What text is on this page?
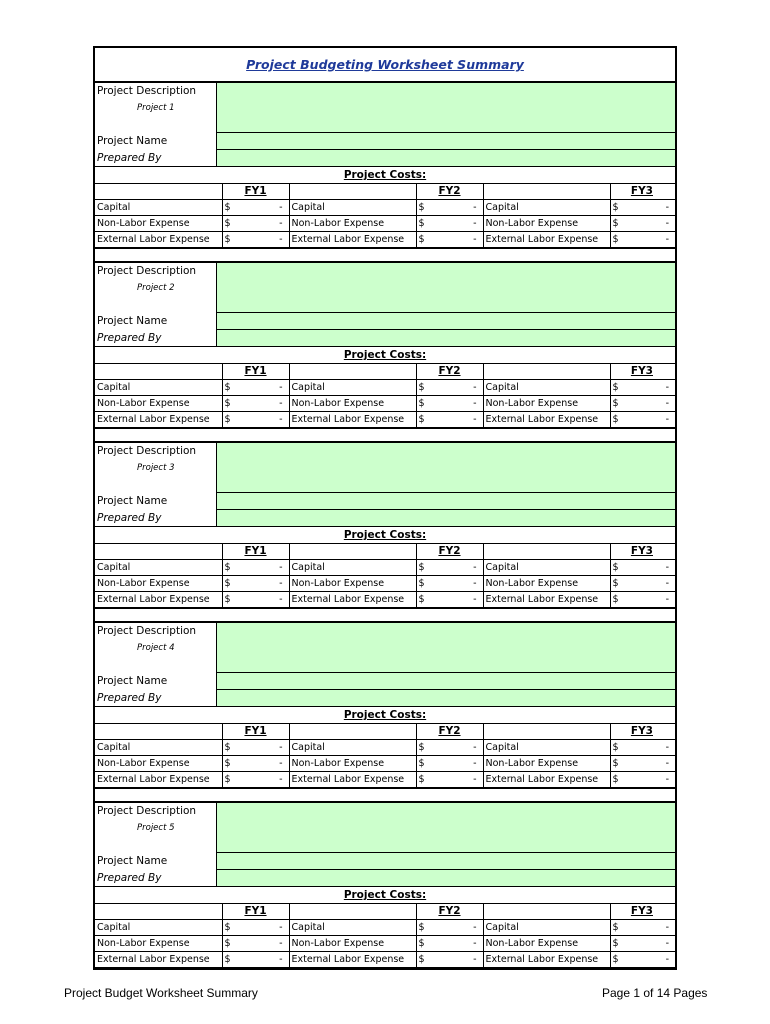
Project Budgeting Worksheet Summary
Project Description
Project 1
Project Name
Prepared By
Project Costs:
	FY1		FY2		FY3
Capital	$ -	Capital	$ -	Capital	$ -

Non-Labor Expense	$ -	Non-Labor Expense	$ -	Non-Labor Expense	$ -

External Labor Expense	$ -	External Labor Expense	$ -	External Labor Expense	$ -
Project Description
Project 2
Project Name
Prepared By
Project Costs:
	FY1		FY2		FY3
Capital	$ -	Capital	$ -	Capital	$ -

Non-Labor Expense	$ -	Non-Labor Expense	$ -	Non-Labor Expense	$ -

External Labor Expense	$ -	External Labor Expense	$ -	External Labor Expense	$ -
Project Description
Project 3
Project Name
Prepared By
Project Costs:
	FY1		FY2		FY3
Capital	$ -	Capital	$ -	Capital	$ -

Non-Labor Expense	$ -	Non-Labor Expense	$ -	Non-Labor Expense	$ -

External Labor Expense	$ -	External Labor Expense	$ -	External Labor Expense	$ -
Project Description
Project 4
Project Name
Prepared By
Project Costs:
	FY1		FY2		FY3
Capital	$ -	Capital	$ -	Capital	$ -

Non-Labor Expense	$ -	Non-Labor Expense	$ -	Non-Labor Expense	$ -

External Labor Expense	$ -	External Labor Expense	$ -	External Labor Expense	$ -
Project Description
Project 5
Project Name
Prepared By
Project Costs:
	FY1		FY2		FY3
Capital	$ -	Capital	$ -	Capital	$ -

Non-Labor Expense	$ -	Non-Labor Expense	$ -	Non-Labor Expense	$ -

External Labor Expense	$ -	External Labor Expense	$ -	External Labor Expense	$ -
Project Budget Worksheet Summary	Page 1 of 14 Pages
